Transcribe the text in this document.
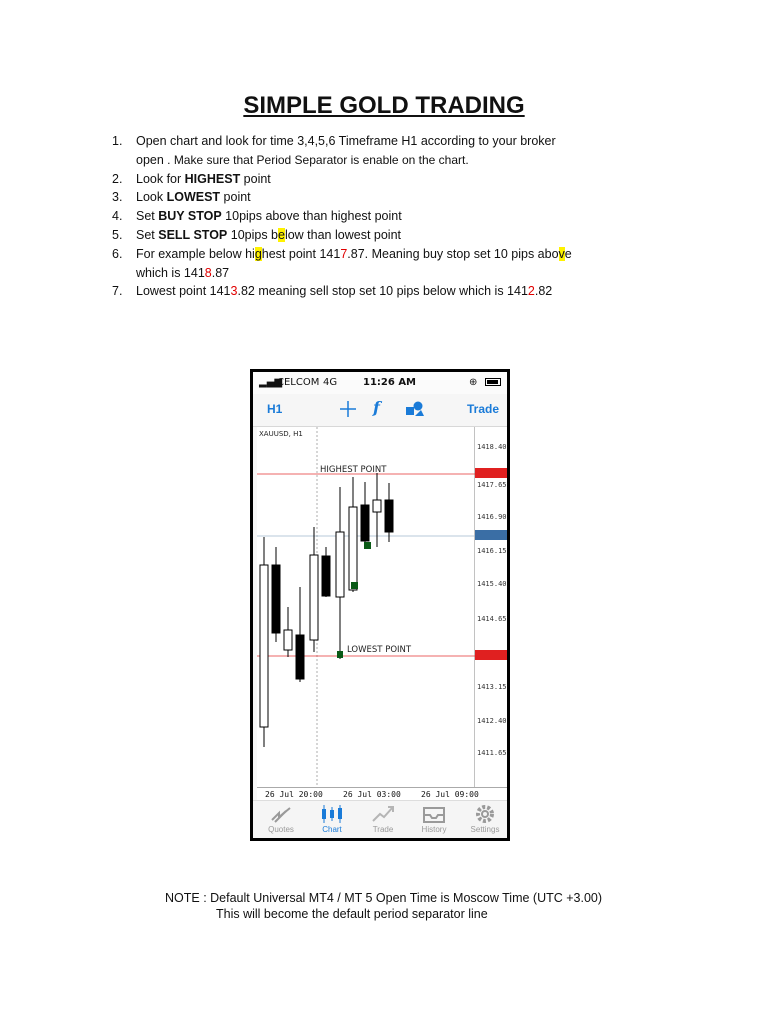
SIMPLE GOLD TRADING
1. Open chart and look for time 3,4,5,6 Timeframe H1 according to your broker
open . Make sure that Period Separator is enable on the chart.
2. Look for HIGHEST point
3. Look LOWEST point
4. Set BUY STOP 10pips above than highest point
5. Set SELL STOP 10pips below than lowest point
6. For example below highest point 1417.87. Meaning buy stop set 10 pips above
which is 1418.87
7. Lowest point 1413.82 meaning sell stop set 10 pips below which is 1412.82
▂▄▆
CELCOM 4G	11:26 AM	⊕
H1	f	Trade
XAUUSD, H1
1418.40
1417.65
1416.90
1416.15
1415.40
1414.65
1413.15
1412.40
1411.65
HIGHEST POINT
LOWEST POINT
26 Jul 20:00	26 Jul 03:00	26 Jul 09:00
Quotes	Chart	Trade	History	Settings
NOTE : Default Universal MT4 / MT 5 Open Time is Moscow Time (UTC +3.00)
This will become the default period separator line
